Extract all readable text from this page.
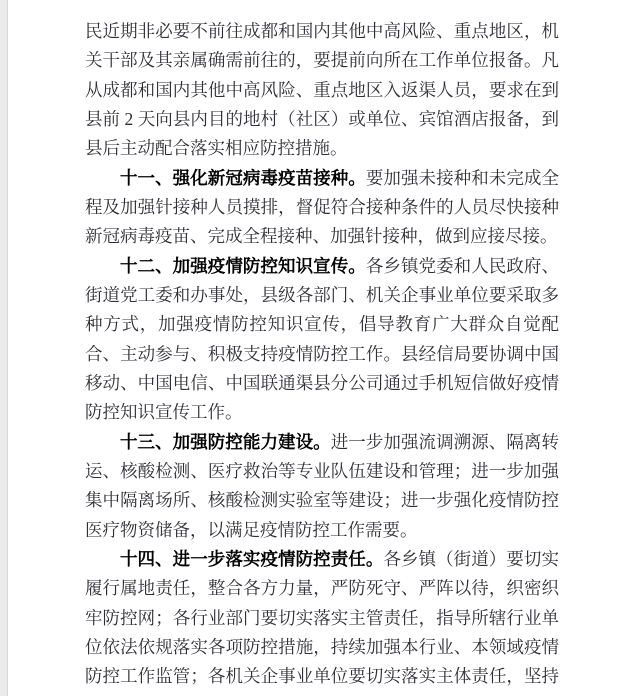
民近期非必要不前往成都和国内其他中高风险、重点地区，机
关干部及其亲属确需前往的，要提前向所在工作单位报备。凡
从成都和国内其他中高风险、重点地区入返渠人员，要求在到
县前 2 天向县内目的地村（社区）或单位、宾馆酒店报备，到
县后主动配合落实相应防控措施。
十一、强化新冠病毒疫苗接种。要加强未接种和未完成全
程及加强针接种人员摸排，督促符合接种条件的人员尽快接种
新冠病毒疫苗、完成全程接种、加强针接种，做到应接尽接。
十二、加强疫情防控知识宣传。各乡镇党委和人民政府、
街道党工委和办事处，县级各部门、机关企事业单位要采取多
种方式，加强疫情防控知识宣传，倡导教育广大群众自觉配
合、主动参与、积极支持疫情防控工作。县经信局要协调中国
移动、中国电信、中国联通渠县分公司通过手机短信做好疫情
防控知识宣传工作。
十三、加强防控能力建设。进一步加强流调溯源、隔离转
运、核酸检测、医疗救治等专业队伍建设和管理；进一步加强
集中隔离场所、核酸检测实验室等建设；进一步强化疫情防控
医疗物资储备，以满足疫情防控工作需要。
十四、进一步落实疫情防控责任。各乡镇（街道）要切实
履行属地责任，整合各方力量，严防死守、严阵以待，织密织
牢防控网；各行业部门要切实落实主管责任，指导所辖行业单
位依法依规落实各项防控措施，持续加强本行业、本领域疫情
防控工作监管；各机关企事业单位要切实落实主体责任，坚持
